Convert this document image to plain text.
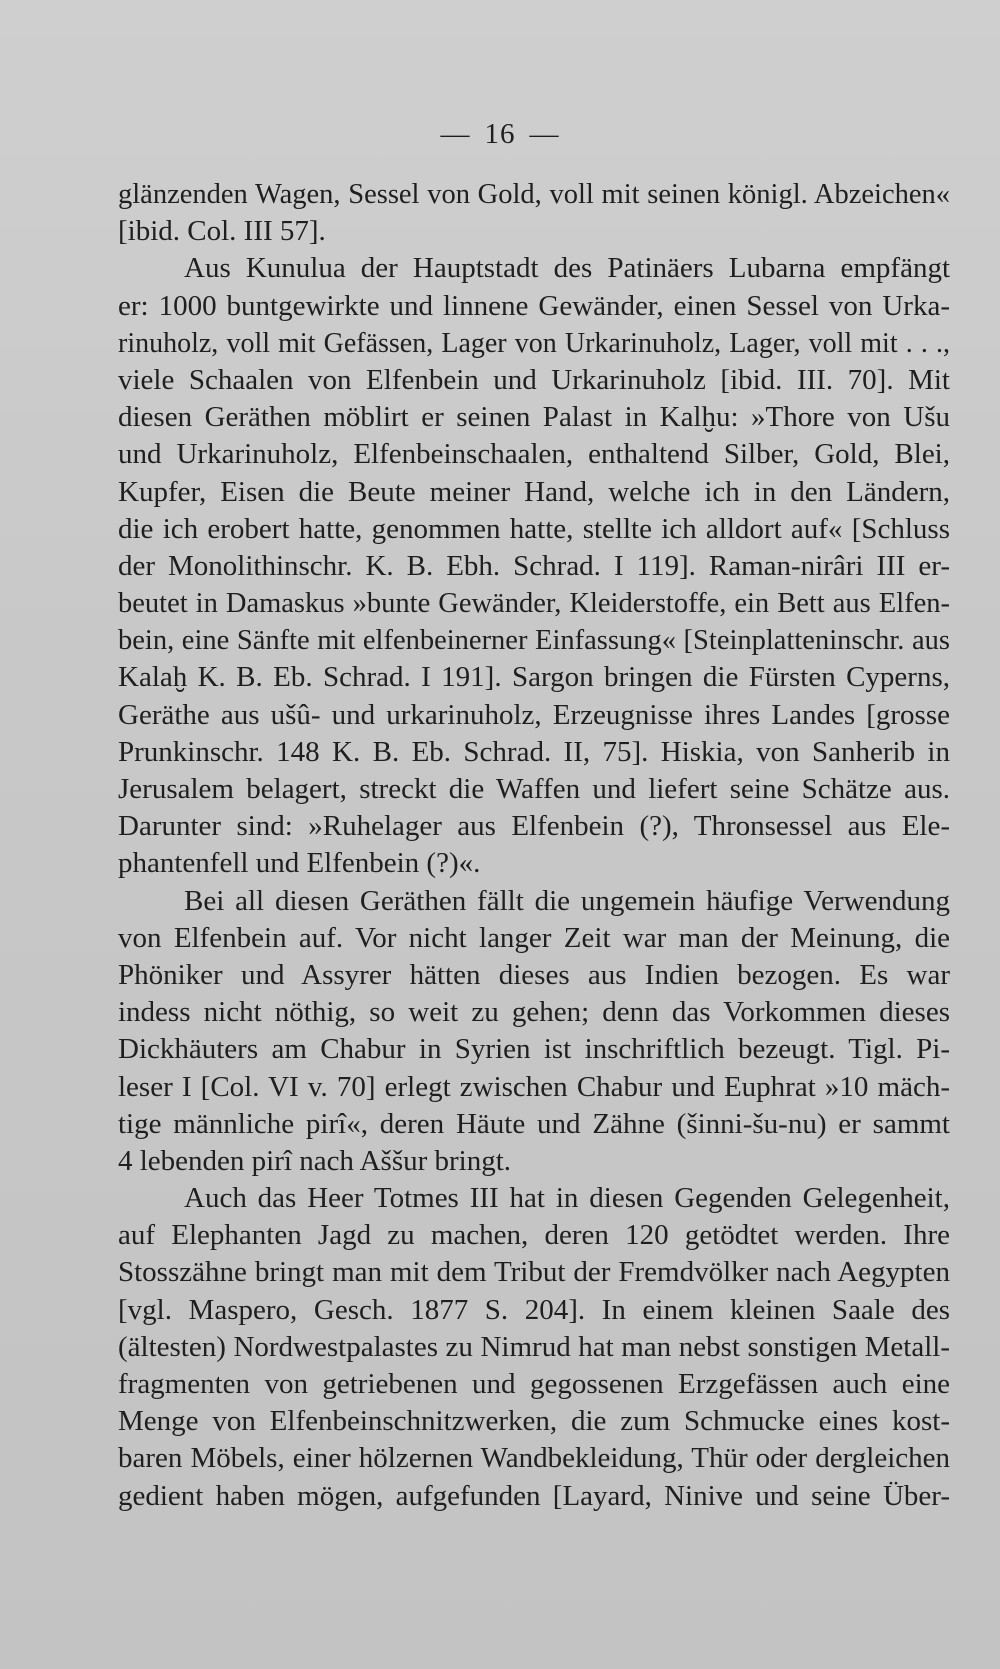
— 16 —
glänzenden Wagen, Sessel von Gold, voll mit seinen königl. Abzeichen«
[ibid. Col. III 57].
Aus Kunulua der Hauptstadt des Patinäers Lubarna empfängt
er: 1000 buntgewirkte und linnene Gewänder, einen Sessel von Urka-
rinuholz, voll mit Gefässen, Lager von Urkarinuholz, Lager, voll mit . . .,
viele Schaalen von Elfenbein und Urkarinuholz [ibid. III. 70]. Mit
diesen Geräthen möblirt er seinen Palast in Kalḫu: »Thore von Ušu
und Urkarinuholz, Elfenbeinschaalen, enthaltend Silber, Gold, Blei,
Kupfer, Eisen die Beute meiner Hand, welche ich in den Ländern,
die ich erobert hatte, genommen hatte, stellte ich alldort auf« [Schluss
der Monolithinschr. K. B. Ebh. Schrad. I 119]. Raman-nirâri III er-
beutet in Damaskus »bunte Gewänder, Kleiderstoffe, ein Bett aus Elfen-
bein, eine Sänfte mit elfenbeinerner Einfassung« [Steinplatteninschr. aus
Kalaḫ K. B. Eb. Schrad. I 191]. Sargon bringen die Fürsten Cyperns,
Geräthe aus ušû- und urkarinuholz, Erzeugnisse ihres Landes [grosse
Prunkinschr. 148 K. B. Eb. Schrad. II, 75]. Hiskia, von Sanherib in
Jerusalem belagert, streckt die Waffen und liefert seine Schätze aus.
Darunter sind: »Ruhelager aus Elfenbein (?), Thronsessel aus Ele-
phantenfell und Elfenbein (?)«.
Bei all diesen Geräthen fällt die ungemein häufige Verwendung
von Elfenbein auf. Vor nicht langer Zeit war man der Meinung, die
Phöniker und Assyrer hätten dieses aus Indien bezogen. Es war
indess nicht nöthig, so weit zu gehen; denn das Vorkommen dieses
Dickhäuters am Chabur in Syrien ist inschriftlich bezeugt. Tigl. Pi-
leser I [Col. VI v. 70] erlegt zwischen Chabur und Euphrat »10 mäch-
tige männliche pirî«, deren Häute und Zähne (šinni-šu-nu) er sammt
4 lebenden pirî nach Aššur bringt.
Auch das Heer Totmes III hat in diesen Gegenden Gelegenheit,
auf Elephanten Jagd zu machen, deren 120 getödtet werden. Ihre
Stosszähne bringt man mit dem Tribut der Fremdvölker nach Aegypten
[vgl. Maspero, Gesch. 1877 S. 204]. In einem kleinen Saale des
(ältesten) Nordwestpalastes zu Nimrud hat man nebst sonstigen Metall-
fragmenten von getriebenen und gegossenen Erzgefässen auch eine
Menge von Elfenbeinschnitzwerken, die zum Schmucke eines kost-
baren Möbels, einer hölzernen Wandbekleidung, Thür oder dergleichen
gedient haben mögen, aufgefunden [Layard, Ninive und seine Über-
